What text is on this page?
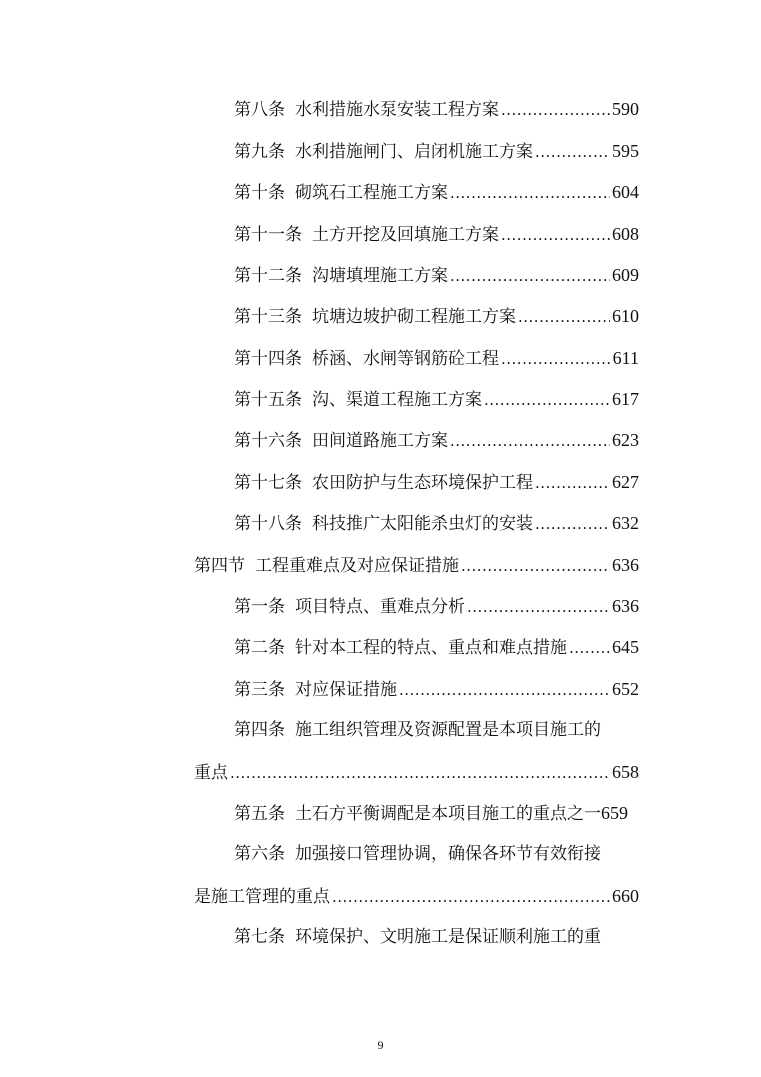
第八条 水利措施水泵安装工程方案 .....	590
第九条 水利措施闸门、启闭机施工方案 .....	595
第十条 砌筑石工程施工方案 .....	604
第十一条 土方开挖及回填施工方案 .....	608
第十二条 沟塘填埋施工方案 .....	609
第十三条 坑塘边坡护砌工程施工方案 .....	610
第十四条 桥涵、水闸等钢筋砼工程 .....	611
第十五条 沟、渠道工程施工方案 .....	617
第十六条 田间道路施工方案 .....	623
第十七条 农田防护与生态环境保护工程 .....	627
第十八条 科技推广太阳能杀虫灯的安装 .....	632
第四节 工程重难点及对应保证措施 .....	636
第一条 项目特点、重难点分析 .....	636
第二条 针对本工程的特点、重点和难点措施 .....	645
第三条 对应保证措施 .....	652
第四条 施工组织管理及资源配置是本项目施工的
重点 .....	658
第五条 土石方平衡调配是本项目施工的重点之一 659
第六条 加强接口管理协调，确保各环节有效衔接
是施工管理的重点 .....	660
第七条 环境保护、文明施工是保证顺利施工的重
9
